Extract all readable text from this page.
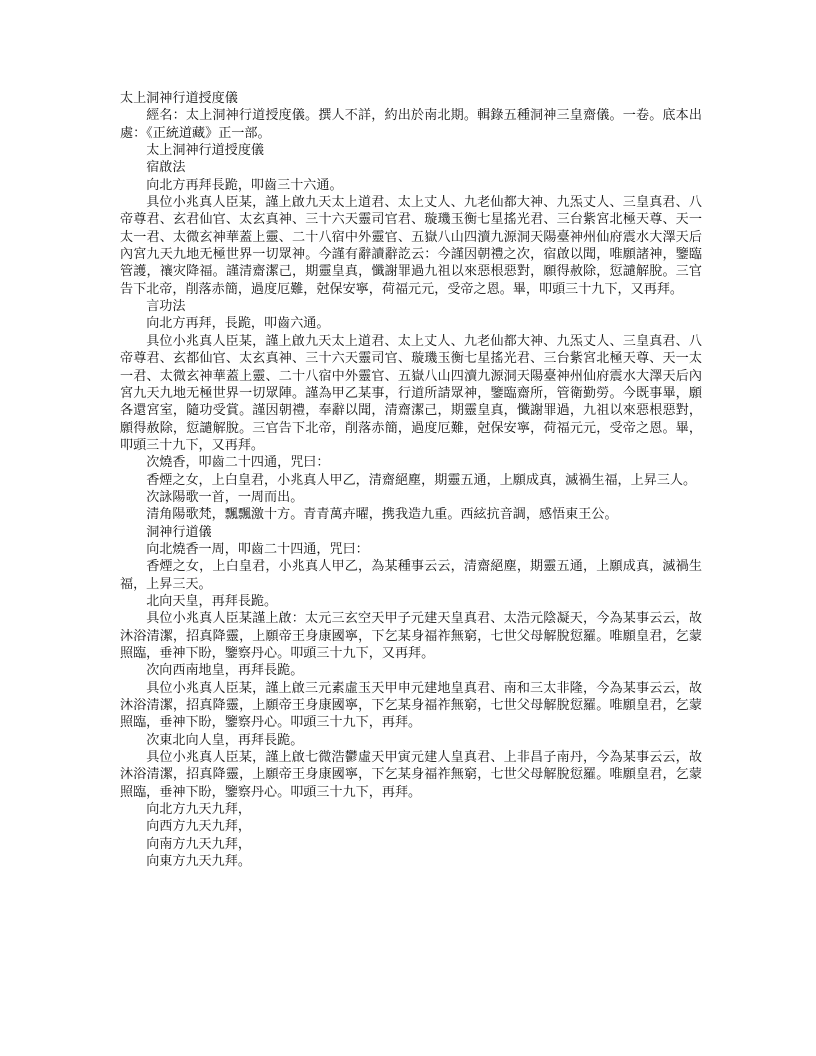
太上洞神行道授度儀

經名：太上洞神行道授度儀。撰人不詳，約出於南北期。輯錄五種洞神三皇齋儀。一卷。底本出處：《正統道藏》正一部。

太上洞神行道授度儀

宿啟法

向北方再拜長跪，叩齒三十六通。

具位小兆真人臣某，謹上啟九天太上道君、太上丈人、九老仙都大神、九炁丈人、三皇真君、八帝尊君、玄君仙官、太玄真神、三十六天靈司官君、璇璣玉衡七星搖光君、三台紫宮北極天尊、天一太一君、太微玄神華蓋上靈、二十八宿中外靈官、五嶽八山四瀆九源洞天陽臺神州仙府震水大澤天后內宮九天九地无極世界一切眾神。今謹有辭讀辭訖云：今謹因朝禮之次，宿啟以聞，唯願諸神，鑒臨管護，禳灾降福。謹清齋潔己，期靈皇真，懺謝罪過九祖以來惡根惡對，願得赦除，愆譴解脫。三官告下北帝，削落赤簡，過度厄難，尅保安寧，荷福元元，受帝之恩。畢，叩頭三十九下，又再拜。

言功法

向北方再拜，長跪，叩齒六通。

具位小兆真人臣某，謹上啟九天太上道君、太上丈人、九老仙都大神、九炁丈人、三皇真君、八帝尊君、玄都仙官、太玄真神、三十六天靈司官、璇璣玉衡七星搖光君、三台紫宮北極天尊、天一太一君、太微玄神華蓋上靈、二十八宿中外靈官、五嶽八山四瀆九源洞天陽臺神州仙府震水大澤天后內宮九天九地无極世界一切眾陣。謹為甲乙某事，行道所請眾神，鑒臨齋所，管衛勤勞。今既事畢，願各還宮室，隨功受賞。謹因朝禮，奉辭以聞，清齋潔己，期靈皇真，懺謝罪過，九祖以來惡根惡對，願得赦除，愆譴解脫。三官告下北帝，削落赤簡，過度厄難，尅保安寧，荷福元元，受帝之恩。畢，叩頭三十九下，又再拜。

次燒香，叩齒二十四通，咒曰：

香煙之女，上白皇君，小兆真人甲乙，清齋絕塵，期靈五通，上願成真，滅禍生福，上昇三人。

次詠陽歌一首，一周而出。

清角陽歌梵，飄飄激十方。青青萬卉曜，携我造九重。西絃抗音調，感悟東王公。

洞神行道儀

向北燒香一周，叩齒二十四通，咒曰：

香煙之女，上白皇君，小兆真人甲乙，為某種事云云，清齋絕塵，期靈五通，上願成真，滅禍生福，上昇三天。

北向天皇，再拜長跪。

具位小兆真人臣某謹上啟：太元三玄空天甲子元建天皇真君、太浩元陰凝天，今為某事云云，故沐浴清潔，招真降靈，上願帝王身康國寧，下乞某身福祚無窮，七世父母解脫愆羅。唯願皇君，乞蒙照臨，垂神下盼，鑒察丹心。叩頭三十九下，又再拜。

次向西南地皇，再拜長跪。

具位小兆真人臣某，謹上啟三元素虛玉天甲申元建地皇真君、南和三太非隆，今為某事云云，故沐浴清潔，招真降靈，上願帝王身康國寧，下乞某身福祚無窮，七世父母解脫愆羅。唯願皇君，乞蒙照臨，垂神下盼，鑒察丹心。叩頭三十九下，再拜。

次東北向人皇，再拜長跪。

具位小兆真人臣某，謹上啟七微浩鬱虛天甲寅元建人皇真君、上非昌子南丹，今為某事云云，故沐浴清潔，招真降靈，上願帝王身康國寧，下乞某身福祚無窮，七世父母解脫愆羅。唯願皇君，乞蒙照臨，垂神下盼，鑒察丹心。叩頭三十九下，再拜。

向北方九天九拜，

向西方九天九拜，

向南方九天九拜，

向東方九天九拜。
